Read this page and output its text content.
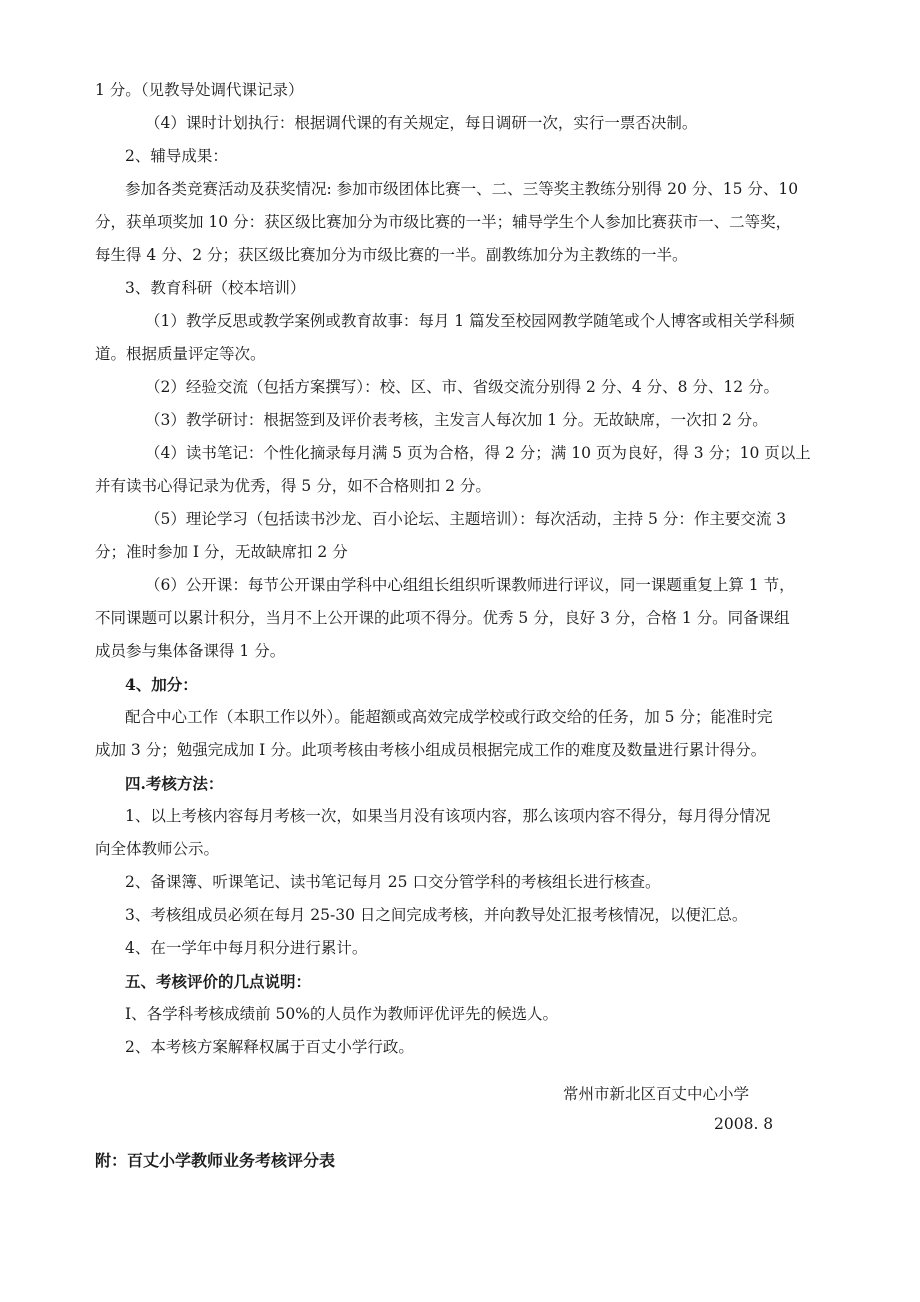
1 分。（见教导处调代课记录）

（4）课时计划执行：根据调代课的有关规定，每日调研一次，实行一票否决制。

2、辅导成果：

参加各类竞赛活动及获奖情况: 参加市级团体比赛一、二、三等奖主教练分别得 20 分、15 分、10

分，获单项奖加 10 分：获区级比赛加分为市级比赛的一半；辅导学生个人参加比赛获市一、二等奖，

每生得 4 分、2 分；获区级比赛加分为市级比赛的一半。副教练加分为主教练的一半。

3、教育科研（校本培训）

（1）教学反思或教学案例或教育故事：每月 1 篇发至校园网教学随笔或个人博客或相关学科频

道。根据质量评定等次。

（2）经验交流（包括方案撰写）：校、区、市、省级交流分别得 2 分、4 分、8 分、12 分。

（3）教学研讨：根据签到及评价表考核，主发言人每次加 1 分。无故缺席，一次扣 2 分。

（4）读书笔记：个性化摘录每月满 5 页为合格，得 2 分；满 10 页为良好，得 3 分；10 页以上

并有读书心得记录为优秀，得 5 分，如不合格则扣 2 分。

（5）理论学习（包括读书沙龙、百小论坛、主题培训）：每次活动，主持 5 分：作主要交流 3

分；准时参加 I 分，无故缺席扣 2 分

（6）公开课：每节公开课由学科中心组组长组织听课教师进行评议，同一课题重复上算 1 节，

不同课题可以累计积分，当月不上公开课的此项不得分。优秀 5 分，良好 3 分，合格 1 分。同备课组

成员参与集体备课得 1 分。

4、加分：

配合中心工作（本职工作以外）。能超额或高效完成学校或行政交给的任务，加 5 分；能准时完

成加 3 分；勉强完成加 I 分。此项考核由考核小组成员根据完成工作的难度及数量进行累计得分。

四.考核方法：

1、以上考核内容每月考核一次，如果当月没有该项内容，那么该项内容不得分，每月得分情况

向全体教师公示。

2、备课簿、听课笔记、读书笔记每月 25 口交分管学科的考核组长进行核查。

3、考核组成员必须在每月 25-30 日之间完成考核，并向教导处汇报考核情况，以便汇总。

4、在一学年中每月积分进行累计。

五、考核评价的几点说明：

I、各学科考核成绩前 50%的人员作为教师评优评先的候选人。

2、本考核方案解释权属于百丈小学行政。

常州市新北区百丈中心小学
2008. 8
附：百丈小学教师业务考核评分表
